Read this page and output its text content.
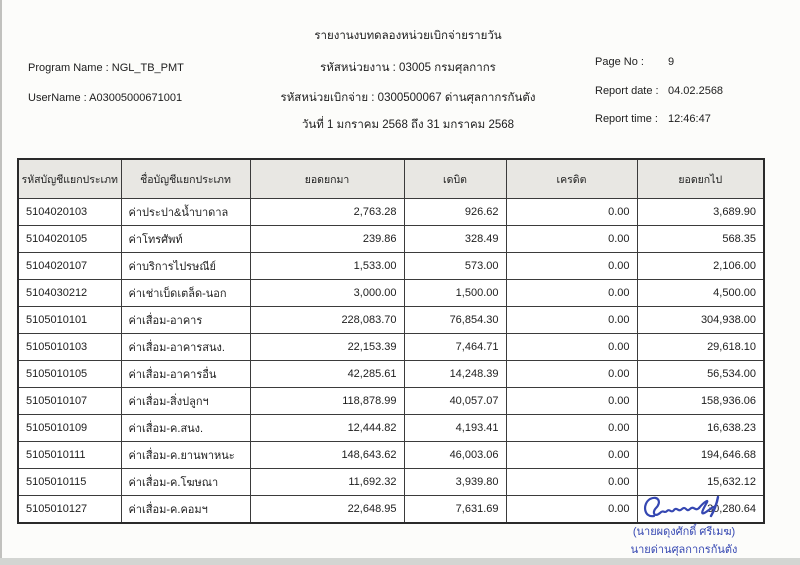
Program Name : NGL_TB_PMT
UserName : A03005000671001
รายงานงบทดลองหน่วยเบิกจ่ายรายวัน
รหัสหน่วยงาน : 03005 กรมศุลกากร
รหัสหน่วยเบิกจ่าย : 0300500067 ด่านศุลกากรกันตัง
วันที่ 1 มกราคม 2568 ถึง 31 มกราคม 2568
Page No : 9
Report date : 04.02.2568
Report time : 12:46:47
รหัสบัญชีแยกประเภท	ชื่อบัญชีแยกประเภท	ยอดยกมา	เดบิต	เครดิต	ยอดยกไป
5104020103	ค่าประปา&น้ำบาดาล	2,763.28	926.62	0.00	3,689.90
5104020105	ค่าโทรศัพท์	239.86	328.49	0.00	568.35
5104020107	ค่าบริการไปรษณีย์	1,533.00	573.00	0.00	2,106.00
5104030212	ค่าเช่าเบ็ดเตล็ด-นอก	3,000.00	1,500.00	0.00	4,500.00
5105010101	ค่าเสื่อม-อาคาร	228,083.70	76,854.30	0.00	304,938.00
5105010103	ค่าเสื่อม-อาคารสนง.	22,153.39	7,464.71	0.00	29,618.10
5105010105	ค่าเสื่อม-อาคารอื่น	42,285.61	14,248.39	0.00	56,534.00
5105010107	ค่าเสื่อม-สิ่งปลูกฯ	118,878.99	40,057.07	0.00	158,936.06
5105010109	ค่าเสื่อม-ค.สนง.	12,444.82	4,193.41	0.00	16,638.23
5105010111	ค่าเสื่อม-ค.ยานพาหนะ	148,643.62	46,003.06	0.00	194,646.68
5105010115	ค่าเสื่อม-ค.โฆษณา	11,692.32	3,939.80	0.00	15,632.12
5105010127	ค่าเสื่อม-ค.คอมฯ	22,648.95	7,631.69	0.00	30,280.64
(นายผดุงศักดิ์ ศรีเมฆ)
นายด่านศุลกากรกันตัง
